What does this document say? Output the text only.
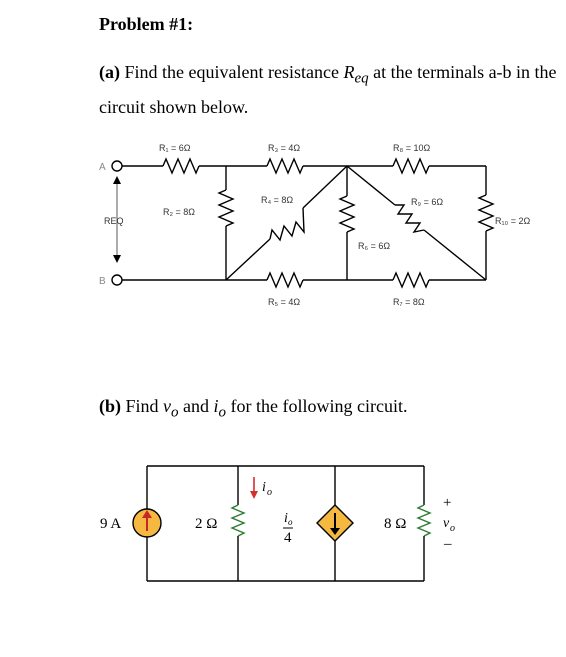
Problem #1:
(a) Find the equivalent resistance $R_{eq}$ at the terminals a-b in the circuit shown below.
(b) Find $v_o$ and $i_o$ for the following circuit.
A
B
REQ
R₁ = 6Ω
R₂ = 8Ω
R₃ = 4Ω
R₄ = 8Ω
R₅ = 4Ω
R₆ = 6Ω
R₇ = 8Ω
R₈ = 10Ω
R₉ = 6Ω
R₁₀ = 2Ω
9 A	2 Ω
i o
i o
4
8 Ω
+
v o
–
